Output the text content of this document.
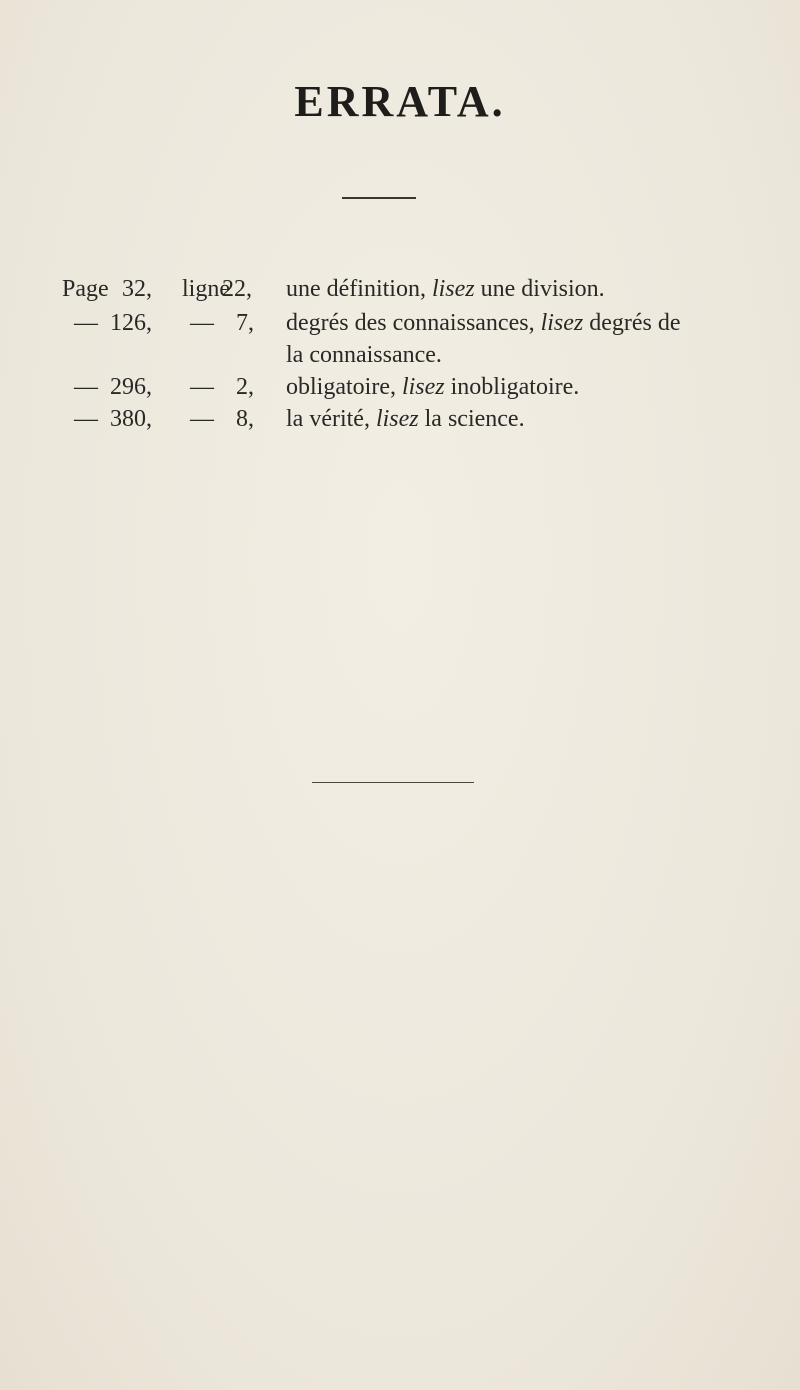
ERRATA.
Page 32, ligne
22, une définition, lisez une division.
— 126, — 7, degrés des connaissances, lisez degrés de
la connaissance.
— 296, — 2, obligatoire, lisez inobligatoire.
— 380, — 8, la vérité, lisez la science.
